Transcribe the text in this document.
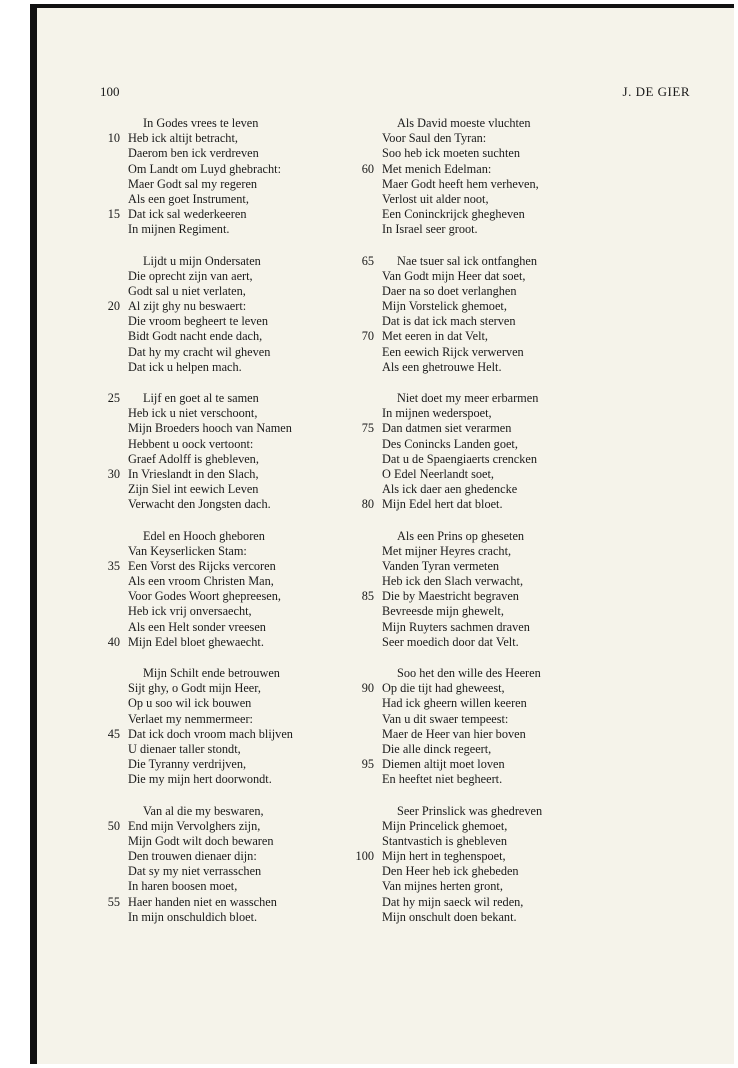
100	J. DE GIER
In Godes vrees te leven
10 Heb ick altijt betracht,
Daerom ben ick verdreven
Om Landt om Luyd ghebracht:
Maer Godt sal my regeren
Als een goet Instrument,
15 Dat ick sal wederkeeren
In mijnen Regiment.
Lijdt u mijn Ondersaten
Die oprecht zijn van aert,
Godt sal u niet verlaten,
20 Al zijt ghy nu beswaert:
Die vroom begheert te leven
Bidt Godt nacht ende dach,
Dat hy my cracht wil gheven
Dat ick u helpen mach.
25 Lijf en goet al te samen
Heb ick u niet verschoont,
Mijn Broeders hooch van Namen
Hebbent u oock vertoont:
Graef Adolff is ghebleven,
30 In Vrieslandt in den Slach,
Zijn Siel int eewich Leven
Verwacht den Jongsten dach.
Edel en Hooch gheboren
Van Keyserlicken Stam:
35 Een Vorst des Rijcks vercoren
Als een vroom Christen Man,
Voor Godes Woort ghepreesen,
Heb ick vrij onversaecht,
Als een Helt sonder vreesen
40 Mijn Edel bloet ghewaecht.
Mijn Schilt ende betrouwen
Sijt ghy, o Godt mijn Heer,
Op u soo wil ick bouwen
Verlaet my nemmermeer:
45 Dat ick doch vroom mach blijven
U dienaer taller stondt,
Die Tyranny verdrijven,
Die my mijn hert doorwondt.
Van al die my beswaren,
50 End mijn Vervolghers zijn,
Mijn Godt wilt doch bewaren
Den trouwen dienaer dijn:
Dat sy my niet verrasschen
In haren boosen moet,
55 Haer handen niet en wasschen
In mijn onschuldich bloet.
Als David moeste vluchten
Voor Saul den Tyran:
Soo heb ick moeten suchten
60 Met menich Edelman:
Maer Godt heeft hem verheven,
Verlost uit alder noot,
Een Coninckrijck ghegheven
In Israel seer groot.
65 Nae tsuer sal ick ontfanghen
Van Godt mijn Heer dat soet,
Daer na so doet verlanghen
Mijn Vorstelick ghemoet,
Dat is dat ick mach sterven
70 Met eeren in dat Velt,
Een eewich Rijck verwerven
Als een ghetrouwe Helt.
Niet doet my meer erbarmen
In mijnen wederspoet,
75 Dan datmen siet verarmen
Des Conincks Landen goet,
Dat u de Spaengiaerts crencken
O Edel Neerlandt soet,
Als ick daer aen ghedencke
80 Mijn Edel hert dat bloet.
Als een Prins op gheseten
Met mijner Heyres cracht,
Vanden Tyran vermeten
Heb ick den Slach verwacht,
85 Die by Maestricht begraven
Bevreesde mijn ghewelt,
Mijn Ruyters sachmen draven
Seer moedich door dat Velt.
Soo het den wille des Heeren
90 Op die tijt had gheweest,
Had ick gheern willen keeren
Van u dit swaer tempeest:
Maer de Heer van hier boven
Die alle dinck regeert,
95 Diemen altijt moet loven
En heeftet niet begheert.
Seer Prinslick was ghedreven
Mijn Princelick ghemoet,
Stantvastich is ghebleven
100 Mijn hert in teghenspoet,
Den Heer heb ick ghebeden
Van mijnes herten gront,
Dat hy mijn saeck wil reden,
Mijn onschult doen bekant.
